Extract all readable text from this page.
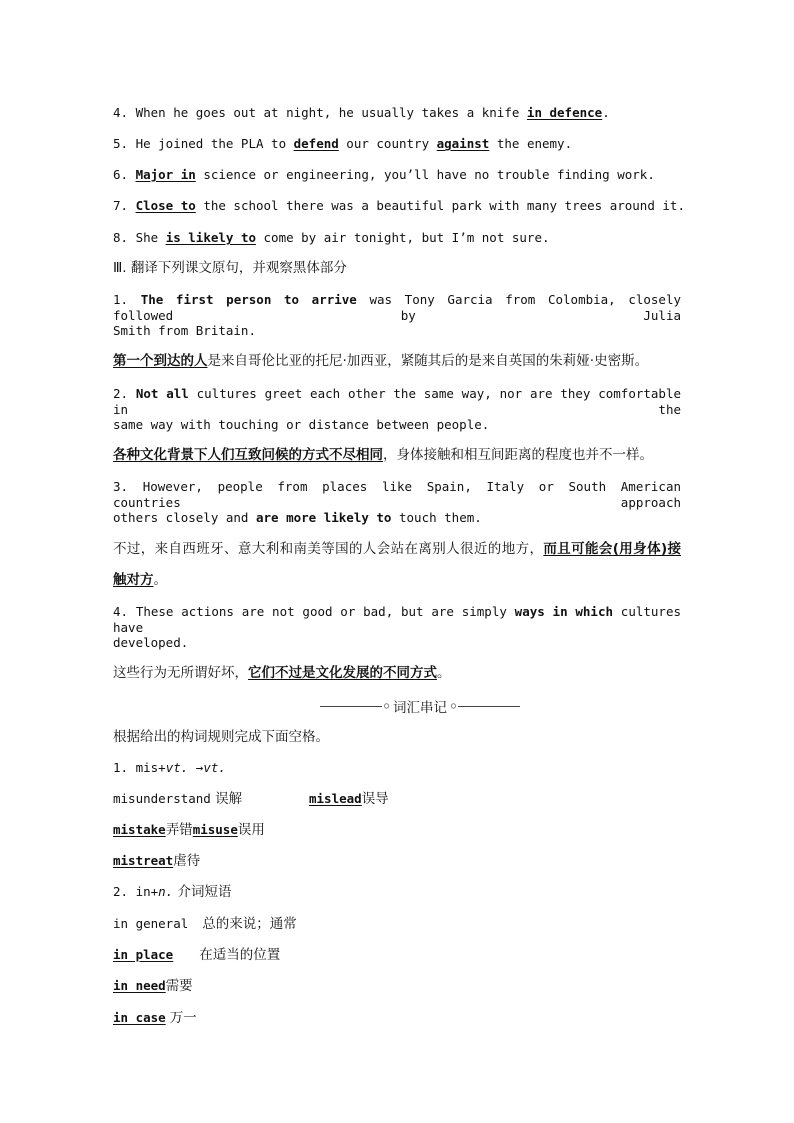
4. When he goes out at night, he usually takes a knife in defence.
5. He joined the PLA to defend our country against the enemy.
6. Major in science or engineering, you’ll have no trouble finding work.
7. Close to the school there was a beautiful park with many trees around it.
8. She is likely to come by air tonight, but I’m not sure.
Ⅲ. 翻译下列课文原句，并观察黑体部分
1. The first person to arrive was Tony Garcia from Colombia, closely followed by Julia
Smith from Britain.
第一个到达的人是来自哥伦比亚的托尼·加西亚，紧随其后的是来自英国的朱莉娅·史密斯。
2. Not all cultures greet each other the same way, nor are they comfortable in the
same way with touching or distance between people.
各种文化背景下人们互致问候的方式不尽相同，身体接触和相互间距离的程度也并不一样。
3. However, people from places like Spain, Italy or South American countries approach
others closely and are more likely to touch them.
不过，来自西班牙、意大利和南美等国的人会站在离别人很近的地方，而且可能会(用身体)接
触对方。
4. These actions are not good or bad, but are simply ways in which cultures have
developed.
这些行为无所谓好坏，它们不过是文化发展的不同方式。
○ 词汇串记 ○
根据给出的构词规则完成下面空格。
1. mis+vt. →vt.
misunderstand 误解	mislead误导
mistake弄错misuse误用
mistreat虐待
2. in+n. 介词短语
in general 总的来说；通常
in place 在适当的位置
in need需要
in case 万一
